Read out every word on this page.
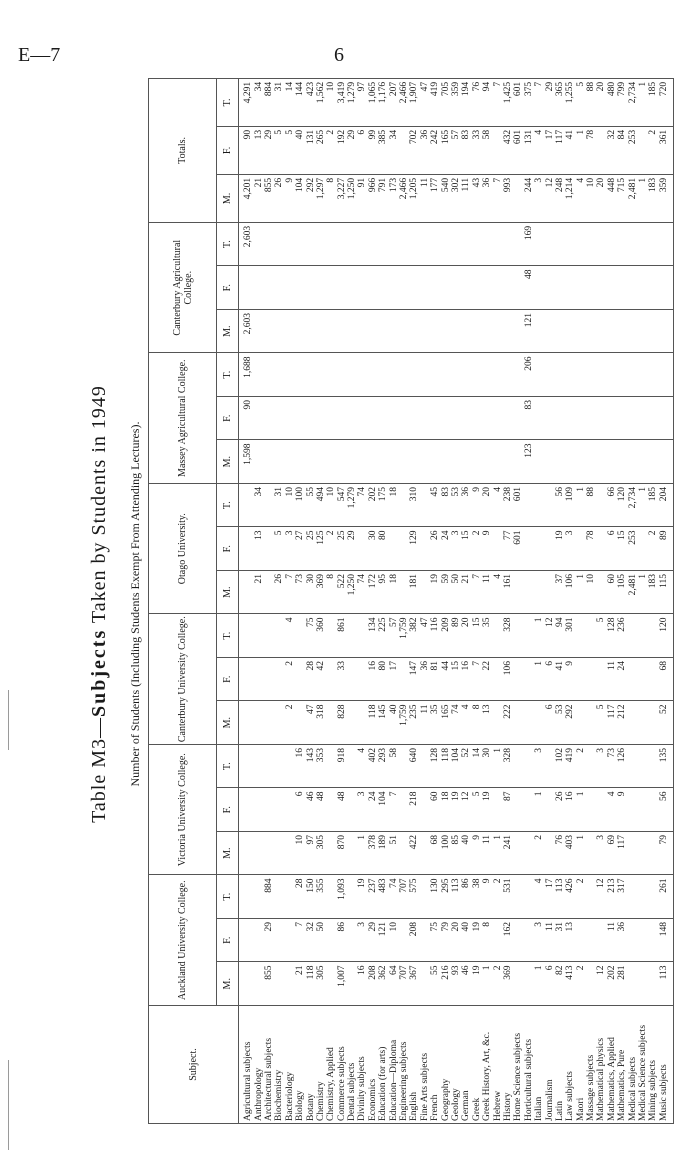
E—7	6
Table M3—Subjects Taken by Students in 1949 Number of Students (Including Students Exempt From Attending Lectures).
Subject.	Auckland University College.			Victoria University College.			Canterbury University College.			Otago University.			Massey Agricultural College.			Canterbury Agricultural College.			Totals.		
	M.	F.	T.	M.	F.	T.	M.	F.	T.	M.	F.	T.	M.	F.	T.	M.	F.	T.	M.	F.	T.
Agricultural subjects													1,598	90	1,688	2,603		2,603	4,201	90	4,291
Anthropology										21	13	34							21	13	34
Architectural subjects	855	29	884																855	29	884
Biochemistry										26	5	31							26	5	31
Bacteriology							2	2	4	7	3	10							9	5	14
Biology	21	7	28	10	6	16				73	27	100							104	40	144
Botany	118	32	150	97	46	143	47	28	75	30	25	55							292	131	423
Chemistry	305	50	355	305	48	353	318	42	360	369	125	494							1,297	265	1,562
Chemistry, Applied										8	2	10							8	2	10
Commerce subjects	1,007	86	1,093	870	48	918	828	33	861	522	25	547							3,227	192	3,419
Dental subjects										1,250	29	1,279							1,250	29	1,279
Divinity subjects	16	3	19	1	3	4				74		74							91	6	97
Economics	208	29	237	378	24	402	118	16	134	172	30	202							966	99	1,065
Education (for arts)	362	121	483	189	104	293	145	80	225	95	80	175							791	385	1,176
Education—Diploma	64	10	74	51	7	58	40	17	57	18		18							173	34	207
Engineering subjects	707		707				1,759		1,759										2,466		2,466
English	367	208	575	422	218	640	235	147	382	181	129	310							1,205	702	1,907
Fine Arts subjects							11	36	47										11	36	47
French	55	75	130	68	60	128	35	81	116	19	26	45							177	242	419
Geography	216	79	295	100	18	118	165	44	209	59	24	83							540	165	705
Geology	93	20	113	85	19	104	74	15	89	50	3	53							302	57	359
German	46	40	86	40	12	52	4	16	20	21	15	36							111	83	194
Greek	19	19	38	9	5	14	8	7	15	7	2	9							43	33	76
Greek History, Art, &c.	1	8	9	11	19	30	13	22	35	11	9	20							36	58	94
Hebrew	2		2	1		1				4		4							7		7
History	369	162	531	241	87	328	222	106	328	161	77	238							993	432	1,425
Home Science subjects											601	601								601	601
Horticultural subjects													123	83	206	121	48	169	244	131	375
Italian	1	3	4	2	1	3		1	1										3	4	7
Journalism	6	11	17				6	6	12										12	17	29
Latin	82	31	113	76	26	102	53	41	94	37	19	56							248	117	365
Law subjects	413	13	426	403	16	419	292	9	301	106	3	109							1,214	41	1,255
Maori	2		2	1	1	2				1		1							4	1	5
Massage subjects										10	78	88							10	78	88
Mathematical physics	12		12	3		3	5		5										20		20
Mathematics, Applied	202	11	213	69	4	73	117	11	128	60	6	66							448	32	480
Mathematics, Pure	281	36	317	117	9	126	212	24	236	105	15	120							715	84	799
Medical subjects										2,481	253	2,734							2,481	253	2,734
Medical Science subjects										1		1							1		1
Mining subjects										183	2	185							183	2	185
Music subjects	113	148	261	79	56	135	52	68	120	115	89	204							359	361	720
